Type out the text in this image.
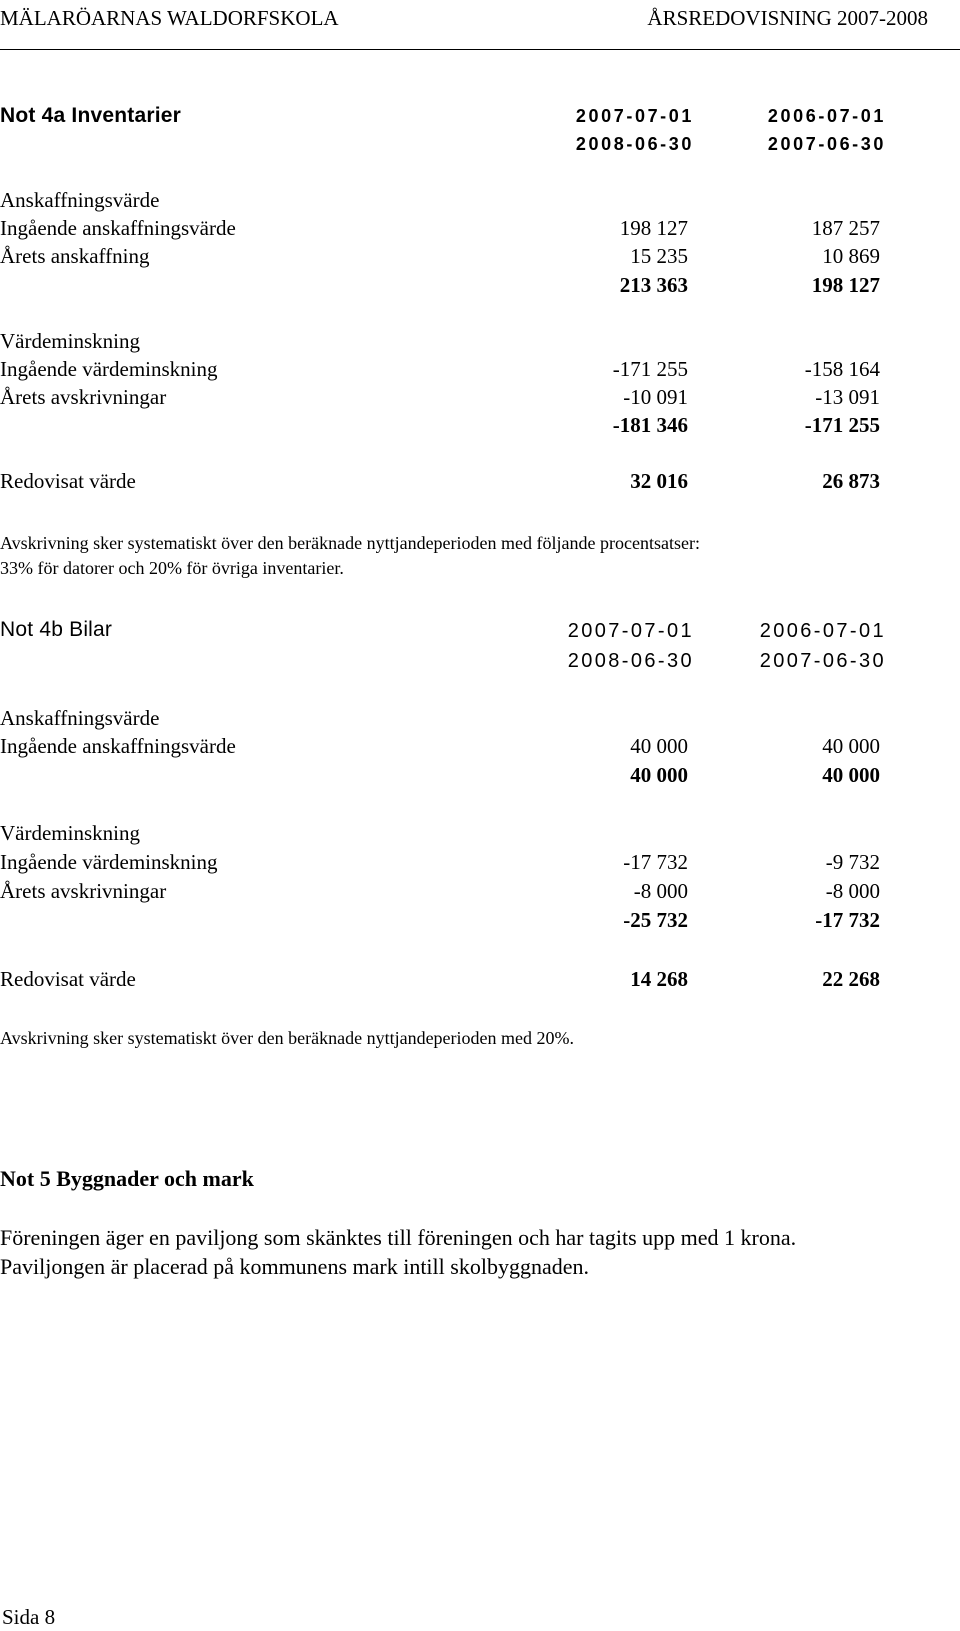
MÄLARÖARNAS WALDORFSKOLA	ÅRSREDOVISNING 2007-2008
Not 4a Inventarier	2007-07-01	2006-07-01
2008-06-30	2007-06-30
Anskaffningsvärde
Ingående anskaffningsvärde	198 127	187 257
Årets anskaffning	15 235	10 869
213 363	198 127
Värdeminskning
Ingående värdeminskning	-171 255	-158 164
Årets avskrivningar	-10 091	-13 091
-181 346	-171 255
Redovisat värde	32 016	26 873
Avskrivning sker systematiskt över den beräknade nyttjandeperioden med följande procentsatser:
33% för datorer och 20% för övriga inventarier.
Not 4b Bilar	2007-07-01	2006-07-01
2008-06-30	2007-06-30
Anskaffningsvärde
Ingående anskaffningsvärde	40 000	40 000
40 000	40 000
Värdeminskning
Ingående värdeminskning	-17 732	-9 732
Årets avskrivningar	-8 000	-8 000
-25 732	-17 732
Redovisat värde	14 268	22 268
Avskrivning sker systematiskt över den beräknade nyttjandeperioden med 20%.
Not 5 Byggnader och mark
Föreningen äger en paviljong som skänktes till föreningen och har tagits upp med 1 krona.
Paviljongen är placerad på kommunens mark intill skolbyggnaden.
Sida 8
